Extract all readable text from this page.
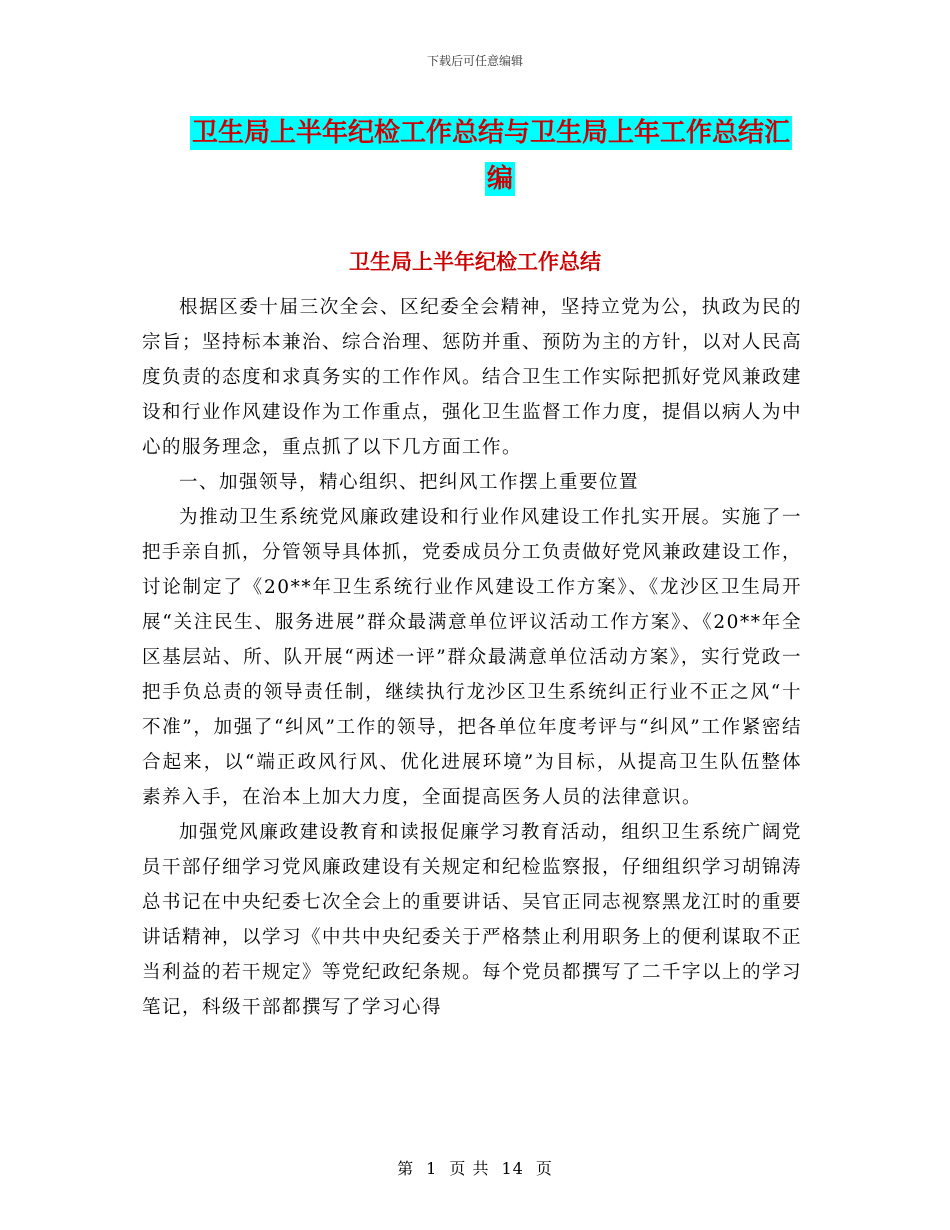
下载后可任意编辑
卫生局上半年纪检工作总结与卫生局上年工作总结汇
编
卫生局上半年纪检工作总结

根据区委十届三次全会、区纪委全会精神，坚持立党为公，执政为民的宗旨；坚持标本兼治、综合治理、惩防并重、预防为主的方针，以对人民高度负责的态度和求真务实的工作作风。结合卫生工作实际把抓好党风兼政建设和行业作风建设作为工作重点，强化卫生监督工作力度，提倡以病人为中心的服务理念，重点抓了以下几方面工作。

一、加强领导，精心组织、把纠风工作摆上重要位置

为推动卫生系统党风廉政建设和行业作风建设工作扎实开展。实施了一把手亲自抓，分管领导具体抓，党委成员分工负责做好党风兼政建设工作，讨论制定了《20**年卫生系统行业作风建设工作方案》、《龙沙区卫生局开展“关注民生、服务进展”群众最满意单位评议活动工作方案》、《20**年全区基层站、所、队开展“两述一评”群众最满意单位活动方案》，实行党政一把手负总责的领导责任制，继续执行龙沙区卫生系统纠正行业不正之风“十不准”，加强了“纠风”工作的领导，把各单位年度考评与“纠风”工作紧密结合起来，以“端正政风行风、优化进展环境”为目标，从提高卫生队伍整体素养入手，在治本上加大力度，全面提高医务人员的法律意识。

加强党风廉政建设教育和读报促廉学习教育活动，组织卫生系统广阔党员干部仔细学习党风廉政建设有关规定和纪检监察报，仔细组织学习胡锦涛总书记在中央纪委七次全会上的重要讲话、吴官正同志视察黑龙江时的重要讲话精神，以学习《中共中央纪委关于严格禁止利用职务上的便利谋取不正当利益的若干规定》等党纪政纪条规。每个党员都撰写了二千字以上的学习笔记，科级干部都撰写了学习心得

第 1 页 共 14 页
